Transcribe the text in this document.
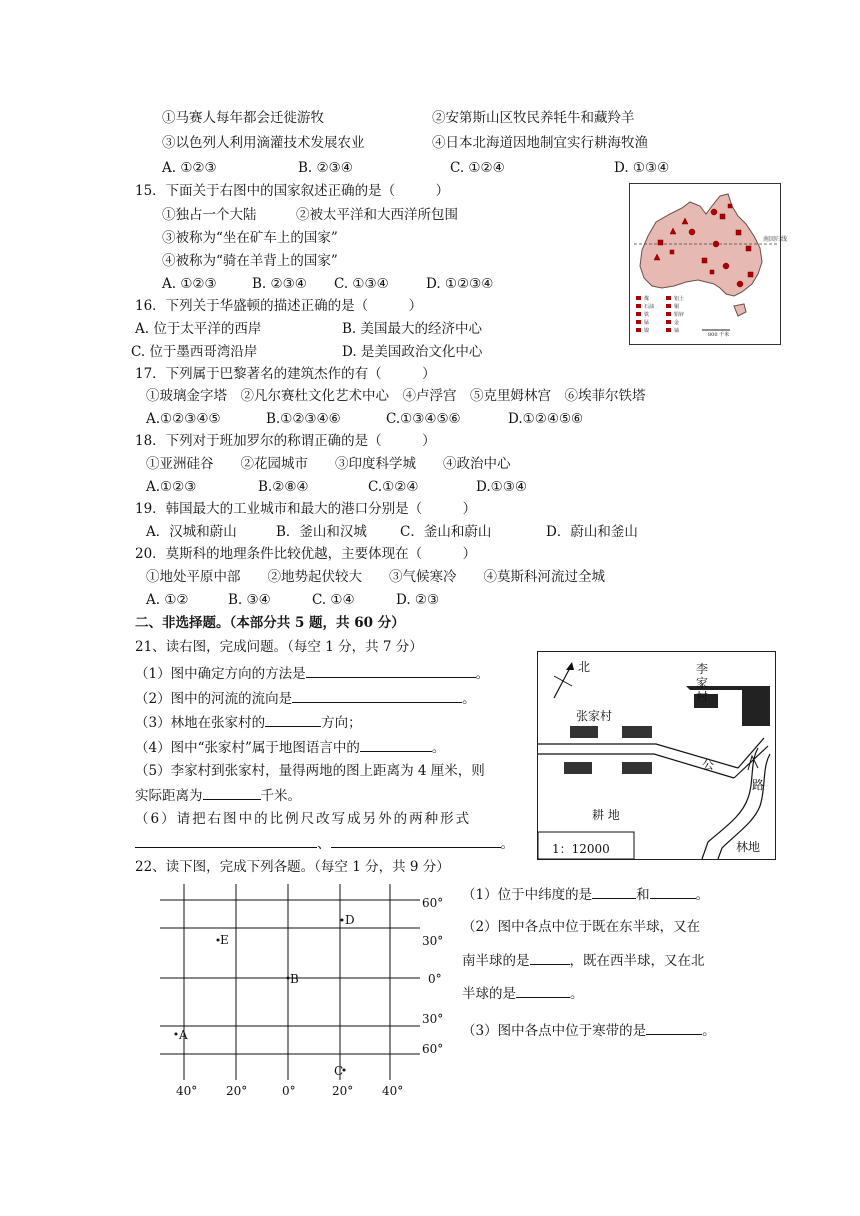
①马赛人每年都会迁徙游牧	②安第斯山区牧民养牦牛和藏羚羊
③以色列人利用滴灌技术发展农业	④日本北海道因地制宜实行耕海牧渔
A. ①②③	B. ②③④	C. ①②④	D. ①③④
15．下面关于右图中的国家叙述正确的是（　　　）
①独占一个大陆	②被太平洋和大西洋所包围
③被称为“坐在矿车上的国家”
④被称为“骑在羊背上的国家”
A. ①②③	B. ②③④ C. ①③④	D. ①②③④
南回归线
煤	铝土
石油	铜
铁	铅锌
锰	金
镍	铀
800 千米
16．下列关于华盛顿的描述正确的是（　　　）
A. 位于太平洋的西岸	B. 美国最大的经济中心
C. 位于墨西哥湾沿岸	D. 是美国政治文化中心
17．下列属于巴黎著名的建筑杰作的有（　　　）
①玻璃金字塔　②凡尔赛杜文化艺术中心　④卢浮宫　⑤克里姆林宫　⑥埃菲尔铁塔
A.①②③④⑤	B.①②③④⑥	C.①③④⑤⑥	D.①②④⑤⑥
18．下列对于班加罗尔的称谓正确的是（　　　）
①亚洲硅谷　　②花园城市　　③印度科学城　　④政治中心
A.①②③	B.②⑧④	C.①②④	D.①③④
19．韩国最大的工业城市和最大的港口分别是（　　　）
A．汉城和蔚山	B．釜山和汉城 C．釜山和蔚山	D．蔚山和釜山
20．莫斯科的地理条件比较优越，主要体现在（　　　）
①地处平原中部　　②地势起伏较大　　③气候寒冷　　④莫斯科河流过全城
A. ①②	B. ③④	C. ①④	D. ②③
二、非选择题。（本部分共 5 题，共 60 分）
21、读右图，完成问题。（每空 1 分，共 7 分）
（1）图中确定方向的方法是	。
（2）图中的河流的流向是	。
（3）林地在张家村的	方向；
（4）图中“张家村”属于地图语言中的	。
（5）李家村到张家村，量得两地的图上距离为 4 厘米，则
实际距离为	千米。
（6）请把右图中的比例尺改写成另外的两种形式
、	。
北	李
家
村
张家村
公
路
耕 地
林地
1：12000
22、读下图，完成下列各题。（每空 1 分，共 9 分）
（1）位于中纬度的是	和	。
（2）图中各点中位于既在东半球，又在
南半球的是	，既在西半球，又在北
半球的是	。
（3）图中各点中位于寒带的是	。
60°
30°
0°
30°
60°
40° 20°	0°	20° 40°
A
B
C
D
E
